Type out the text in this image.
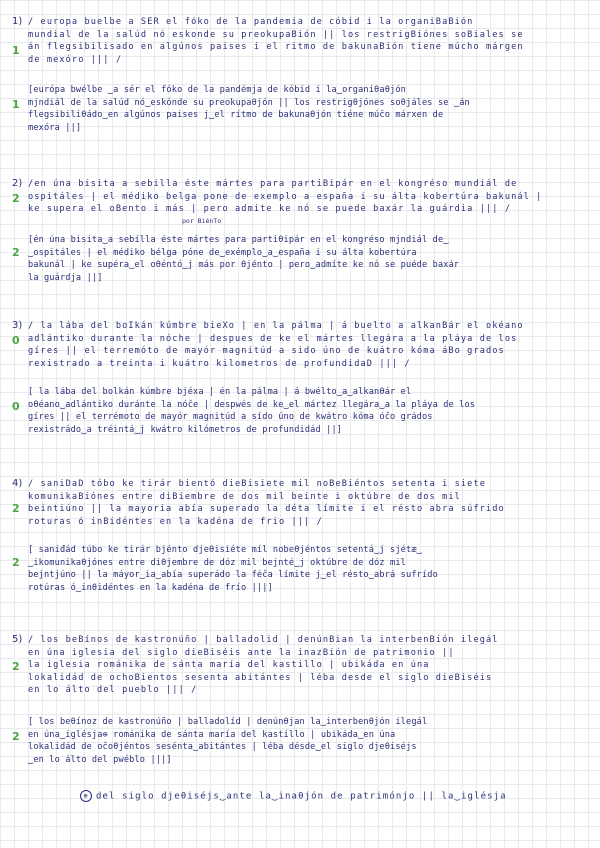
1)
1
/ europa buelbe a SER el fóko de la pandemia de cóbid i la organiBaBión
mundial de la salúd nó eskonde su preokupaBión || los restrigBiónes soBiales se
án flegsibilisado en algúnos paises i el ritmo de bakunaBión tiene múcho márgen
de mexóro ||| /
1
[európa bwélbe ‿a sér el fóko de la pandémja de kóbid i la‿organiθaθjón
mjndiál de la salúd nó‿eskónde su preokupaθjón || los restrigθjónes soθjáles se ‿án
flegsibiliθádo‿en algúnos paises j‿el rítmo de bakunaθjón tiéne múčo márxen de
mexóra ||]
2)
2
/en úna bisita a sebilla éste mártes para partiBipár en el kongréso mundiál de
ospitáles | el médiko belga pone de exemplo a españa i su álta kobertúra bakunál |
ke supera el oBento i más | pero admite ke nó se puede baxár la guárdia ||| /
por BiénTo
2
[én úna bisita‿a sebílla éste mártes para partiθipár en el kongréso mjndiál de‿
‿ospitáles | el médiko bélga póne de‿exémplo‿a‿españa i su álta kobertúra
bakunál | ke supéra‿el oθéntó‿j más por θjénto | pero‿admíte ke nó se puéde baxár
la guárdja ||]
3)
0
/ la lába del boIkán kúmbre bieXo | en la pálma | á buelto a alkanBár el okéano
adlántiko durante la nóche | despues de ke el mártes llegára a la pláya de los
gíres || el terremóto de mayór magnitúd a sido úno de kuátro kóma áBo grados
rexistrado a treinta i kuátro kilometros de profundidaD ||| /
0
[ la lába del bolkán kúmbre bjéxa | én la pálma | á bwélto‿a‿alkanθár el
oθéano‿adlántiko duránte la nóče | despwés de ke‿el mártez llegára‿a la pláya de los
gíres || el terrémoto de mayór magnitúd a sído úno de kwátro kóma óčo grádos
rexistrádo‿a tréintá‿j kwátro kilómetros de profundidád ||]
4)
2
/ saniDaD tóbo ke tirár bientó dieBisiete mil noBeBiéntos setenta i siete
komunikaBiónes entre diBiembre de dos mil beinte i oktúbre de dos mil
beintiúno || la mayoria abía superado la déta límite i el résto abra súfrido
roturas ó inBidéntes en la kadéna de frio ||| /
2
[ saniđád túbo ke tirár bjénto djeθisiéte míl nobeθjéntos setentá‿j sjétæ‿
‿ikomunikaθjónes entre diθjembre de dóz mil bejnté‿j oktúbre de dóz mil
bejntjúno || la máyor‿ia‿abía superádo la féča límite j‿el résto‿abrá sufrído
rotúras ó‿inθidéntes en la kadéna de frío |||]
5)
2
/ los beBínos de kastronúño | balladolid | denúnBian la interbenBión ilegál
en úna iglesia del siglo dieBiséis ante la inazBión de patrimonio ||
la iglesia románika de sánta maría del kastillo | ubikáda en úna
lokalidád de ochoBientos sesenta abitántes | léba desde el siglo dieBiséis
en lo álto del pueblo ||| /
2
[ los beθínoz de kastronúño | balladolíd | denúnθjan la‿interbenθjón ilegál
en úna‿iglésja⊕ románika de sánta maría del kastíllo | ubikáda‿en úna
lokalidád de očoθjéntos sesénta‿abitántes | léba désde‿el siglo djeθiséjs
‿en lo álto del pwéblo |||]
⊕ del siglo djeθiséjs‿ante la‿inaθjón de patrimónjo || la‿iglésja
